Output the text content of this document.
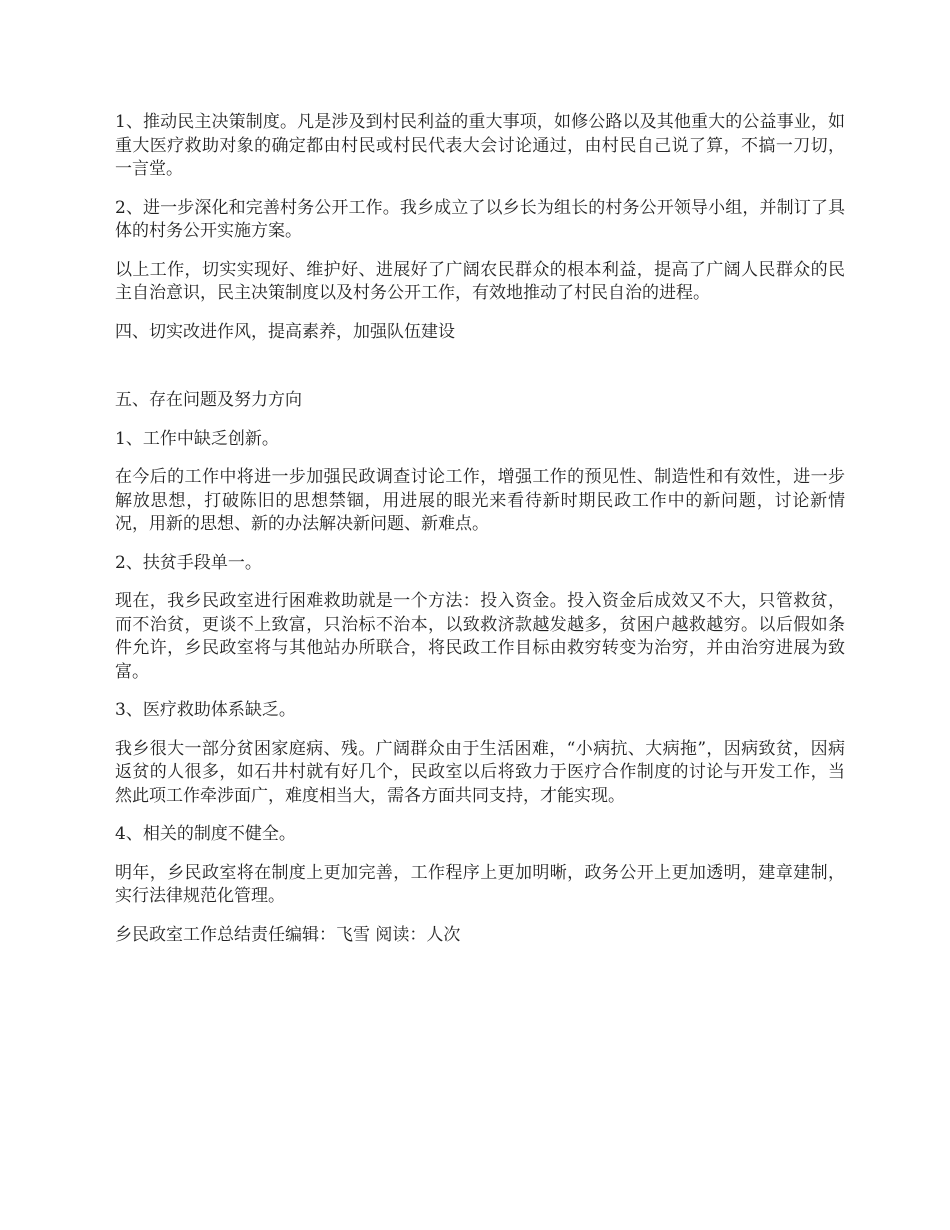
1、推动民主决策制度。凡是涉及到村民利益的重大事项，如修公路以及其他重大的公益事业，如重大医疗救助对象的确定都由村民或村民代表大会讨论通过，由村民自己说了算，不搞一刀切，一言堂。

2、进一步深化和完善村务公开工作。我乡成立了以乡长为组长的村务公开领导小组，并制订了具体的村务公开实施方案。

以上工作，切实实现好、维护好、进展好了广阔农民群众的根本利益，提高了广阔人民群众的民主自治意识，民主决策制度以及村务公开工作，有效地推动了村民自治的进程。

四、切实改进作风，提高素养，加强队伍建设

五、存在问题及努力方向

1、工作中缺乏创新。

在今后的工作中将进一步加强民政调查讨论工作，增强工作的预见性、制造性和有效性，进一步解放思想，打破陈旧的思想禁锢，用进展的眼光来看待新时期民政工作中的新问题，讨论新情况，用新的思想、新的办法解决新问题、新难点。

2、扶贫手段单一。

现在，我乡民政室进行困难救助就是一个方法：投入资金。投入资金后成效又不大，只管救贫，而不治贫，更谈不上致富，只治标不治本，以致救济款越发越多，贫困户越救越穷。以后假如条件允许，乡民政室将与其他站办所联合，将民政工作目标由救穷转变为治穷，并由治穷进展为致富。

3、医疗救助体系缺乏。

我乡很大一部分贫困家庭病、残。广阔群众由于生活困难，“小病抗、大病拖”，因病致贫，因病返贫的人很多，如石井村就有好几个，民政室以后将致力于医疗合作制度的讨论与开发工作，当然此项工作牵涉面广，难度相当大，需各方面共同支持，才能实现。

4、相关的制度不健全。

明年，乡民政室将在制度上更加完善，工作程序上更加明晰，政务公开上更加透明，建章建制，实行法律规范化管理。

乡民政室工作总结责任编辑：飞雪 阅读：人次
